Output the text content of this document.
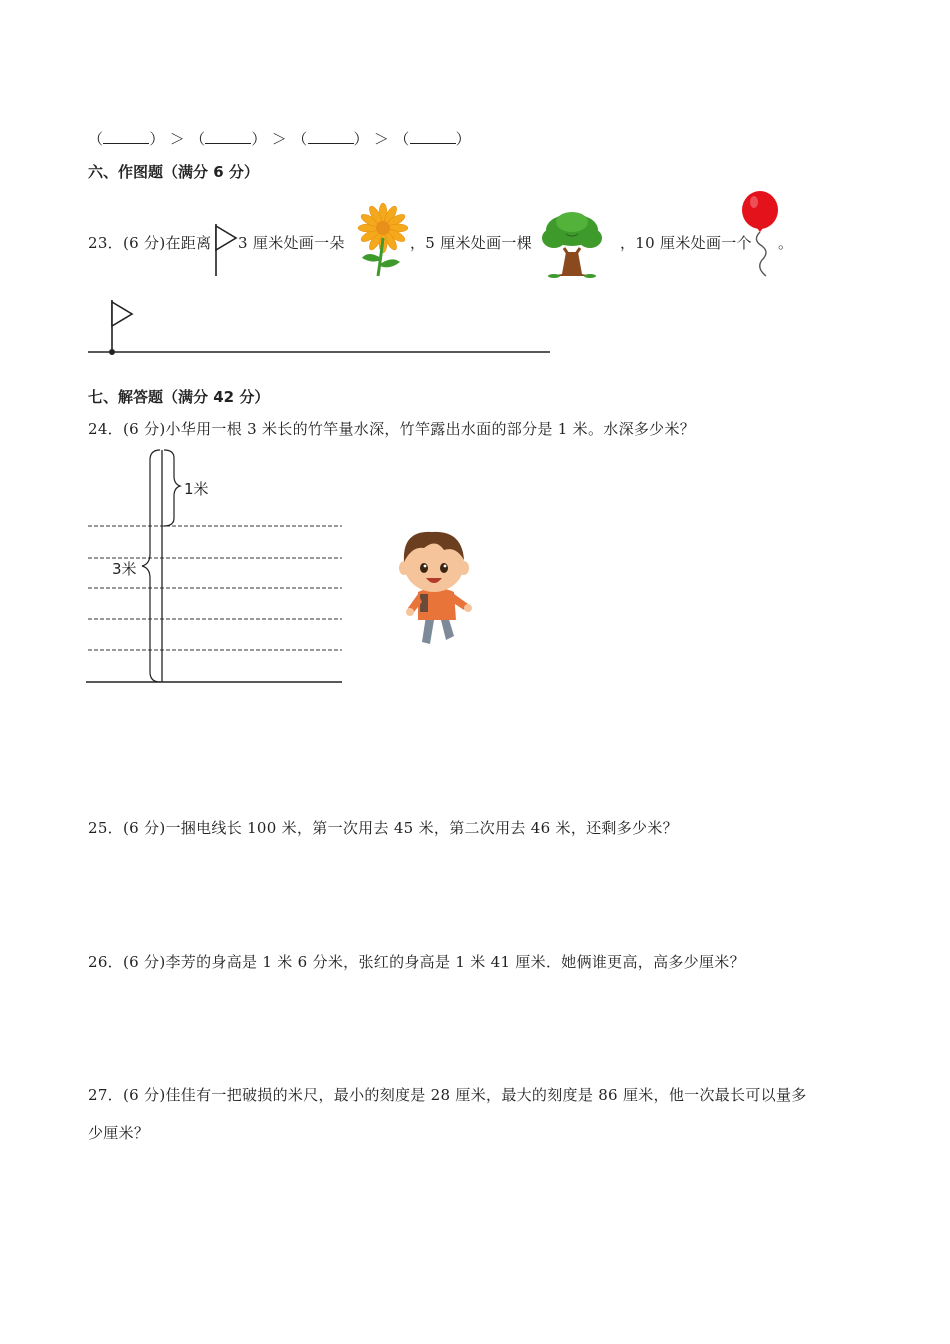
（	） ＞ （	） ＞ （	） ＞ （	）
六、作图题（满分 6 分）
23．(6 分)在距离 3 厘米处画一朵	，5 厘米处画一棵	，10 厘米处画一个 。
七、解答题（满分 42 分）
24．(6 分)小华用一根 3 米长的竹竿量水深，竹竿露出水面的部分是 1 米。水深多少米？
1米
3米
25．(6 分)一捆电线长 100 米，第一次用去 45 米，第二次用去 46 米，还剩多少米？
26．(6 分)李芳的身高是 1 米 6 分米，张红的身高是 1 米 41 厘米．她俩谁更高，高多少厘米？
27．(6 分)佳佳有一把破损的米尺，最小的刻度是 28 厘米，最大的刻度是 86 厘米，他一次最长可以量多
少厘米？
